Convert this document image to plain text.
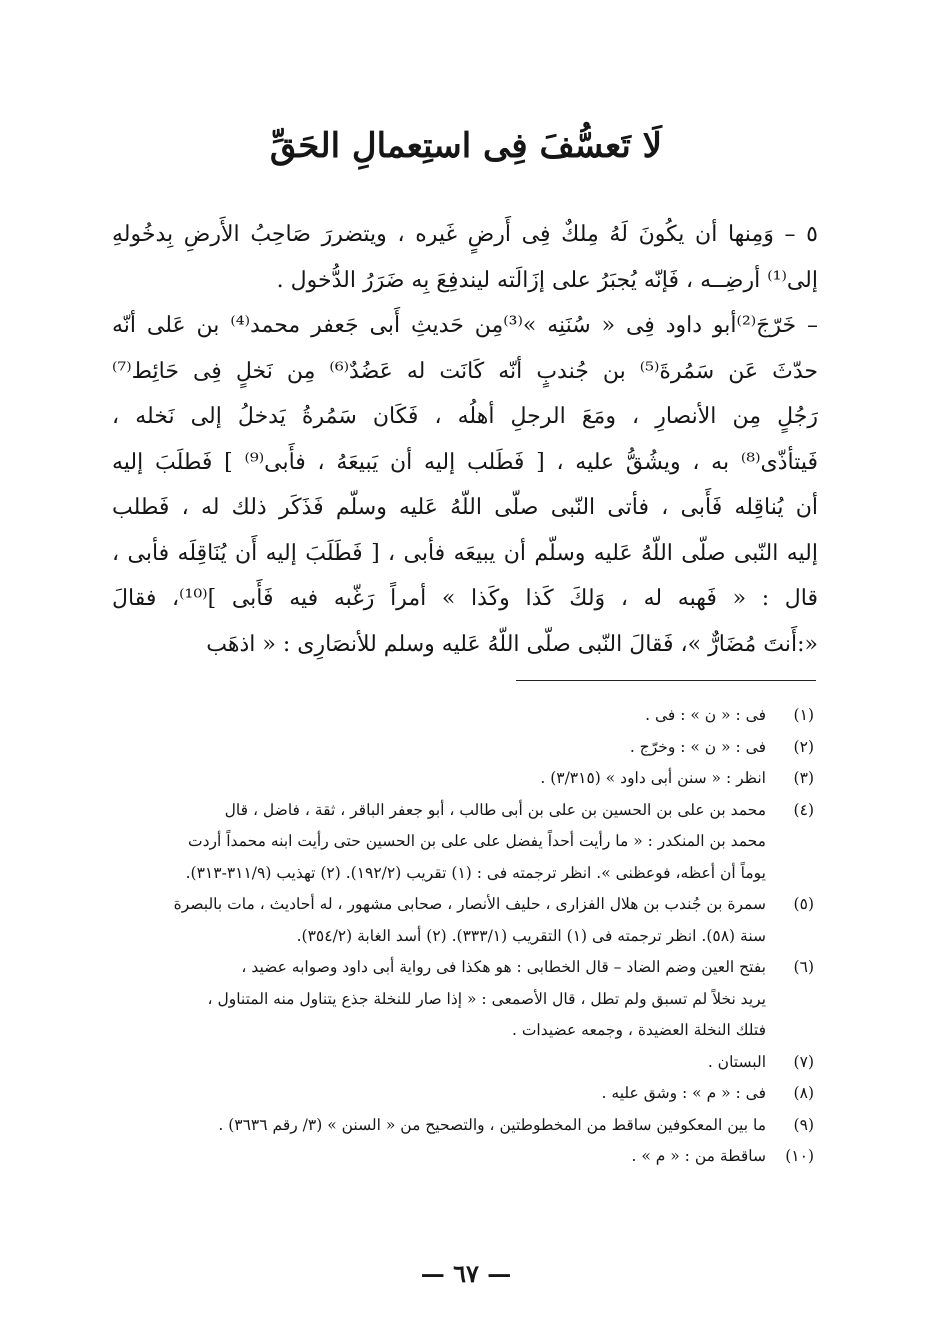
لَا تَعسُّفَ فِى استِعمالِ الحَقِّ
٥ – وَمِنها أن يكُونَ لَهُ مِلكٌ فِى أَرضٍ غَيره ، ويتضررَ صَاحِبُ الأَرضِ بِدخُولهِ
إلى⁽¹⁾ أرضِــه ، فَإنّه يُجبَرُ على إزَالَته ليندفِعَ بِه ضَرَرُ الدُّخول .
– خَرّجَ⁽²⁾أبو داود فِى « سُنَنِه »⁽³⁾مِن حَديثِ أَبى جَعفر محمد⁽⁴⁾ بن عَلى أنّه
حدّثَ عَن سَمُرةَ⁽⁵⁾ بن جُندبٍ أنّه كَانَت له عَضُدٌ⁽⁶⁾ مِن نَخلٍ فِى حَائِط⁽⁷⁾
رَجُلٍ مِن الأنصارِ ، ومَعَ الرجلِ أهلُه ، فَكَان سَمُرةُ يَدخلُ إلى نَخله ،
فَيتأذّى⁽⁸⁾ به ، ويشُقُّ عليه ، [ فَطَلب إليه أن يَبيعَهُ ، فأَبى⁽⁹⁾ ] فَطلَبَ إليه
أن يُناقِله فَأَبى ، فأتى النّبى صلّى اللّهُ عَليه وسلّم فَذَكَر ذلك له ، فَطلب
إليه النّبى صلّى اللّهُ عَليه وسلّم أن يبيعَه فأبى ، [ فَطَلَبَ إليه أَن يُنَاقِلَه فأبى ،
قال : « فَهبه له ، وَلكَ كَذا وكَذا » أمراً رَغّبه فيه فَأَبى ]⁽¹⁰⁾، فقالَ
«:أَنتَ مُضَارٌّ »، فَقالَ النّبى صلّى اللّهُ عَليه وسلم للأنصَارِى : « اذهَب
(١)
فى : « ن » : فى .
(٢)
فى : « ن » : وخرّج .
(٣)
انظر : « سنن أبى داود » (٣/٣١٥) .
(٤)
محمد بن على بن الحسين بن على بن أبى طالب ، أبو جعفر الباقر ، ثقة ، فاضل ، قال
محمد بن المنكدر : « ما رأيت أحداً يفضل على على بن الحسين حتى رأيت ابنه محمداً أردت
يوماً أن أعظه، فوعظنى ». انظر ترجمته فى : (١) تقريب (١٩٢/٢). (٢) تهذيب (٣١١/٩-٣١٣).
(٥)
سمرة بن جُندب بن هلال الفزارى ، حليف الأنصار ، صحابى مشهور ، له أحاديث ، مات بالبصرة
سنة (٥٨). انظر ترجمته فى (١) التقريب (٣٣٣/١). (٢) أسد الغابة (٣٥٤/٢).
(٦)
بفتح العين وضم الضاد – قال الخطابى : هو هكذا فى رواية أبى داود وصوابه عضيد ،
يريد نخلاً لم تسبق ولم تطل ، قال الأصمعى : « إذا صار للنخلة جذع يتناول منه المتناول ،
فتلك النخلة العضيدة ، وجمعه عضيدات .
(٧)
البستان .
(٨)
فى : « م » : وشق عليه .
(٩)
ما بين المعكوفين ساقط من المخطوطتين ، والتصحيح من « السنن » (٣/ رقم ٣٦٣٦) .
(١٠)
ساقطة من : « م » .
— ٦٧ —
